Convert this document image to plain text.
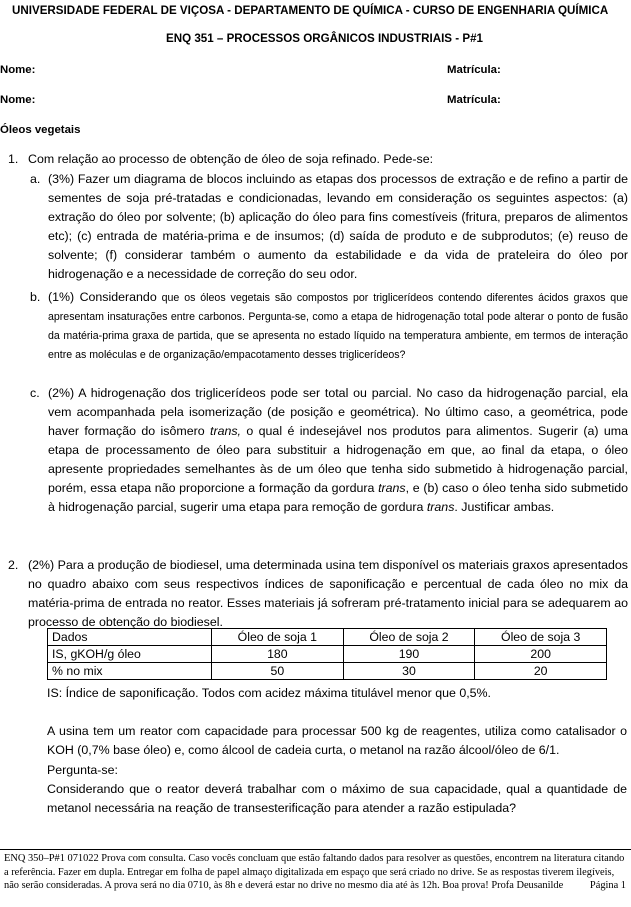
UNIVERSIDADE FEDERAL DE VIÇOSA - DEPARTAMENTO DE QUÍMICA - CURSO DE ENGENHARIA QUÍMICA
ENQ 351 – PROCESSOS ORGÂNICOS INDUSTRIAIS - P#1
Nome:	Matrícula:
Nome:	Matrícula:
Óleos vegetais
1. Com relação ao processo de obtenção de óleo de soja refinado. Pede-se:
a. (3%) Fazer um diagrama de blocos incluindo as etapas dos processos de extração e de refino a partir de sementes de soja pré-tratadas e condicionadas, levando em consideração os seguintes aspectos: (a) extração do óleo por solvente; (b) aplicação do óleo para fins comestíveis (fritura, preparos de alimentos etc); (c) entrada de matéria-prima e de insumos; (d) saída de produto e de subprodutos; (e) reuso de solvente; (f) considerar também o aumento da estabilidade e da vida de prateleira do óleo por hidrogenação e a necessidade de correção do seu odor.
b. (1%) Considerando que os óleos vegetais são compostos por triglicerídeos contendo diferentes ácidos graxos que apresentam insaturações entre carbonos. Pergunta-se, como a etapa de hidrogenação total pode alterar o ponto de fusão da matéria-prima graxa de partida, que se apresenta no estado líquido na temperatura ambiente, em termos de interação entre as moléculas e de organização/empacotamento desses triglicerídeos?
c. (2%) A hidrogenação dos triglicerídeos pode ser total ou parcial. No caso da hidrogenação parcial, ela vem acompanhada pela isomerização (de posição e geométrica). No último caso, a geométrica, pode haver formação do isômero trans, o qual é indesejável nos produtos para alimentos. Sugerir (a) uma etapa de processamento de óleo para substituir a hidrogenação em que, ao final da etapa, o óleo apresente propriedades semelhantes às de um óleo que tenha sido submetido à hidrogenação parcial, porém, essa etapa não proporcione a formação da gordura trans, e (b) caso o óleo tenha sido submetido à hidrogenação parcial, sugerir uma etapa para remoção de gordura trans. Justificar ambas.
2. (2%) Para a produção de biodiesel, uma determinada usina tem disponível os materiais graxos apresentados no quadro abaixo com seus respectivos índices de saponificação e percentual de cada óleo no mix da matéria-prima de entrada no reator. Esses materiais já sofreram pré-tratamento inicial para se adequarem ao processo de obtenção do biodiesel.
Dados	Óleo de soja 1	Óleo de soja 2	Óleo de soja 3
IS, gKOH/g óleo	180	190	200
% no mix	50	30	20
IS: Índice de saponificação. Todos com acidez máxima titulável menor que 0,5%.
A usina tem um reator com capacidade para processar 500 kg de reagentes, utiliza como catalisador o KOH (0,7% base óleo) e, como álcool de cadeia curta, o metanol na razão álcool/óleo de 6/1.
Pergunta-se:
Considerando que o reator deverá trabalhar com o máximo de sua capacidade, qual a quantidade de metanol necessária na reação de transesterificação para atender a razão estipulada?
ENQ 350–P#1 071022 Prova com consulta. Caso vocês concluam que estão faltando dados para resolver as questões, encontrem na literatura citando a referência. Fazer em dupla. Entregar em folha de papel almaço digitalizada em espaço que será criado no drive. Se as respostas tiverem ilegíveis, não serão consideradas. A prova será no dia 0710, às 8h e deverá estar no drive no mesmo dia até às 12h. Boa prova! Profa Deusanilde	Página 1
